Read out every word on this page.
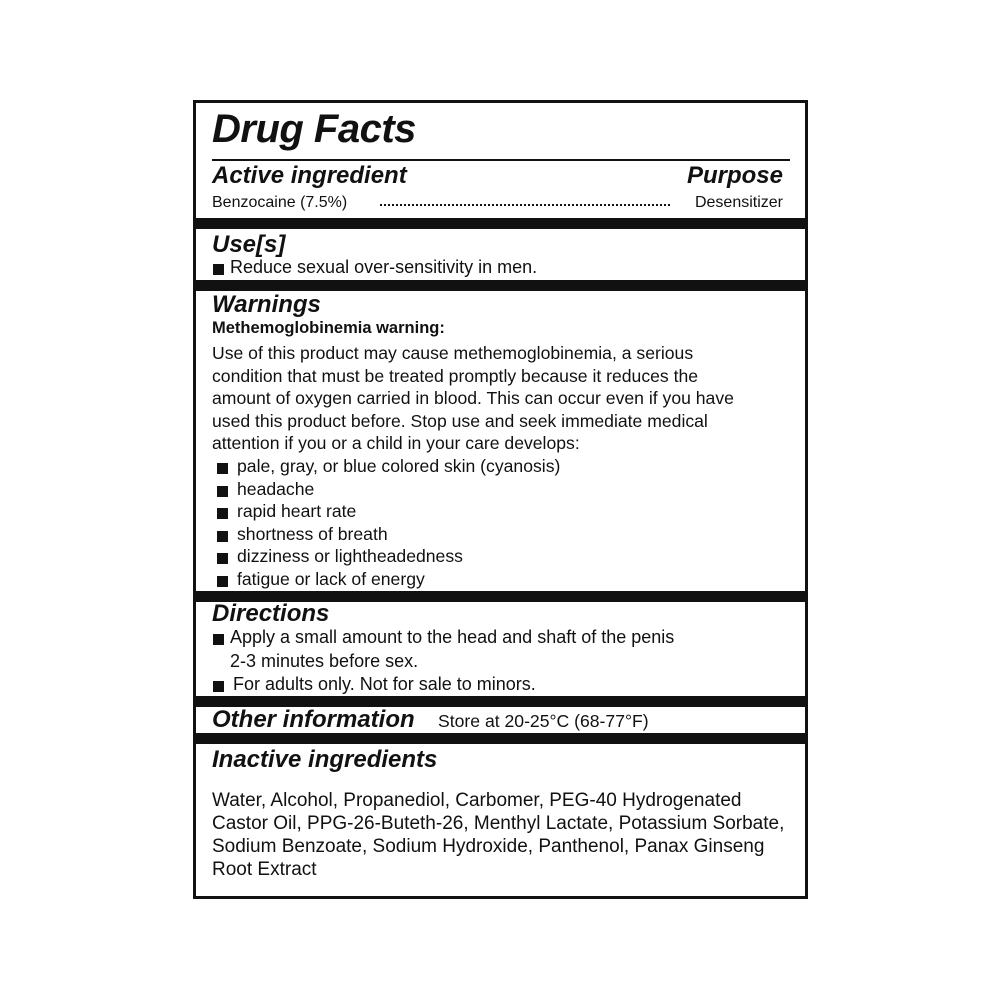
Drug Facts
Active ingredient	Purpose
Benzocaine (7.5%)	Desensitizer
Use[s]
Reduce sexual over-sensitivity in men.
Warnings
Methemoglobinemia warning:
Use of this product may cause methemoglobinemia, a serious
condition that must be treated promptly because it reduces the
amount of oxygen carried in blood. This can occur even if you have
used this product before. Stop use and seek immediate medical
attention if you or a child in your care develops:
pale, gray, or blue colored skin (cyanosis)
headache
rapid heart rate
shortness of breath
dizziness or lightheadedness
fatigue or lack of energy
Directions
Apply a small amount to the head and shaft of the penis
2-3 minutes before sex.
For adults only. Not for sale to minors.
Other information Store at 20-25°C (68-77°F)
Inactive ingredients
Water, Alcohol, Propanediol, Carbomer, PEG-40 Hydrogenated Castor Oil, PPG-26-Buteth-26, Menthyl Lactate, Potassium Sorbate, Sodium Benzoate, Sodium Hydroxide, Panthenol, Panax Ginseng Root Extract
